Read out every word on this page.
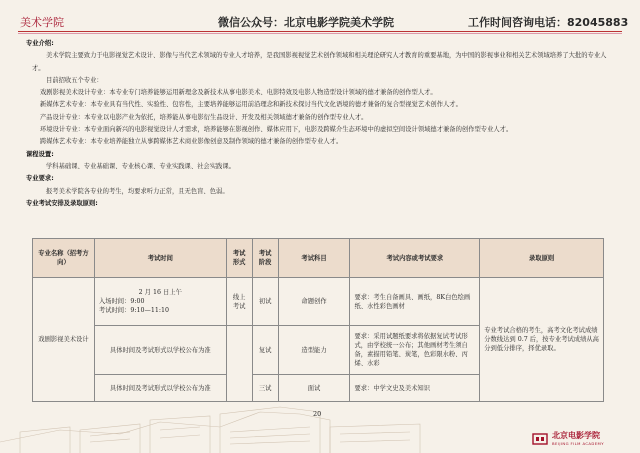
美术学院	微信公众号：北京电影学院美术学院	工作时间咨询电话：82045883
专业介绍:
美术学院主要致力于电影视觉艺术设计、影像与当代艺术领域的专业人才培养，是我国影视视觉艺术创作领域和相关理论研究人才教育的重要基地，为中国的影视事业和相关艺术领域培养了大批的专业人才。
目前招收五个专业：
戏剧影视美术设计专业：本专业专门培养能够运用新理念及新技术从事电影美术、电影特效及电影人物造型设计领域的德才兼备的创作型人才。
新媒体艺术专业：本专业具有当代性、实验性、包容性，主要培养能够运用前沿理念和新技术探讨当代文化语境的德才兼备的复合型视觉艺术创作人才。
产品设计专业：本专业以电影产业为依托，培养能从事电影衍生品设计、开发及相关领域德才兼备的创作型专业人才。
环境设计专业：本专业面向新兴的电影视觉设计人才需求，培养能够在影视创作、媒体应用下，电影及跨媒介生态环境中的虚拟空间设计领域德才兼备的创作型专业人才。
跨媒体艺术专业：本专业培养能独立从事跨媒体艺术商业影像创意及制作领域的德才兼备的创作型专业人才。
课程设置:
学科基础课、专业基础课、专业核心课、专业实践课、社会实践课。
专业要求:
报考美术学院各专业的考生，均要求听力正常，且无色盲、色弱。
专业考试安排及录取原则:
专业名称（招考方向）	考试时间	考试形式	考试阶段	考试科目	考试内容或考试要求	录取原则
戏剧影视美术设计	2 月 16 日上午
入场时间：9:00
考试时间：9:10—11:10	线上考试	初试	命题创作	要求：考生自备画具、画纸，8K白色绘画纸、水性彩色画材	专业考试合格的考生，高考文化考试成绩分数线达到 0.7 后，按专业考试成绩从高分到低分排序，择优录取。
	具体时间及考试形式以学校公布为准		复试	造型能力	要求：采用试题纸要求将依据复试考试形式，由学校统一公布；其他画材考生须自备，素描用铅笔、炭笔，色彩限水粉、丙烯、水彩	
	具体时间及考试形式以学校公布为准		三试	面试	要求：中学文史及美术知识	
20
北京电影学院
BEIJING FILM ACADEMY
